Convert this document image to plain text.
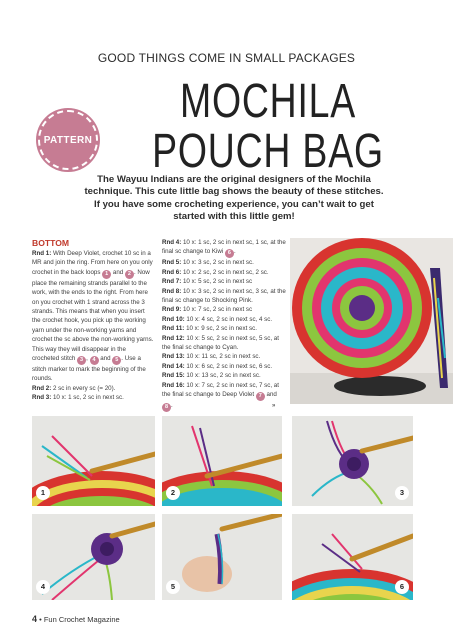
GOOD THINGS COME IN SMALL PACKAGES
MOCHILA
POUCH BAG
PATTERN
The Wayuu Indians are the original designers of the Mochila technique. This cute little bag shows the beauty of these stitches. If you have some crocheting experience, you can’t wait to get started with this little gem!
BOTTOM

Rnd 1: With Deep Violet, crochet 10 sc in a MR and join the ring. From here on you only crochet in the back loops 1 and 2 . Now place the remaining strands parallel to the work, with the ends to the right. From here on you crochet with 1 strand across the 3 strands. This means that when you insert the crochet hook, you pick up the working yarn under the non-working yarns and crochet the sc above the non-working yarns. This way they will disappear in the crocheted stitch 3 , 4 and 5 . Use a stitch marker to mark the beginning of the rounds.

Rnd 2: 2 sc in every sc (= 20).

Rnd 3: 10 x: 1 sc, 2 sc in next sc.

Rnd 4: 10 x: 1 sc, 2 sc in next sc, 1 sc, at the final sc change to Kiwi 6 .

Rnd 5: 10 x: 3 sc, 2 sc in next sc.

Rnd 6: 10 x: 2 sc, 2 sc in next sc, 2 sc.

Rnd 7: 10 x: 5 sc, 2 sc in next sc

Rnd 8: 10 x: 3 sc, 2 sc in next sc, 3 sc, at the final sc change to Shocking Pink.

Rnd 9: 10 x: 7 sc, 2 sc in next sc

Rnd 10: 10 x: 4 sc, 2 sc in next sc, 4 sc.

Rnd 11: 10 x: 9 sc, 2 sc in next sc.

Rnd 12: 10 x: 5 sc, 2 sc in next sc, 5 sc, at the final sc change to Cyan.

Rnd 13: 10 x: 11 sc, 2 sc in next sc.

Rnd 14: 10 x: 6 sc, 2 sc in next sc, 6 sc.

Rnd 15: 10 x: 13 sc, 2 sc in next sc.

Rnd 16: 10 x: 7 sc, 2 sc in next sc, 7 sc, at the final sc change to Deep Violet 7 and 8 .	»
1	2	3
4	5	6
4 • Fun Crochet Magazine
